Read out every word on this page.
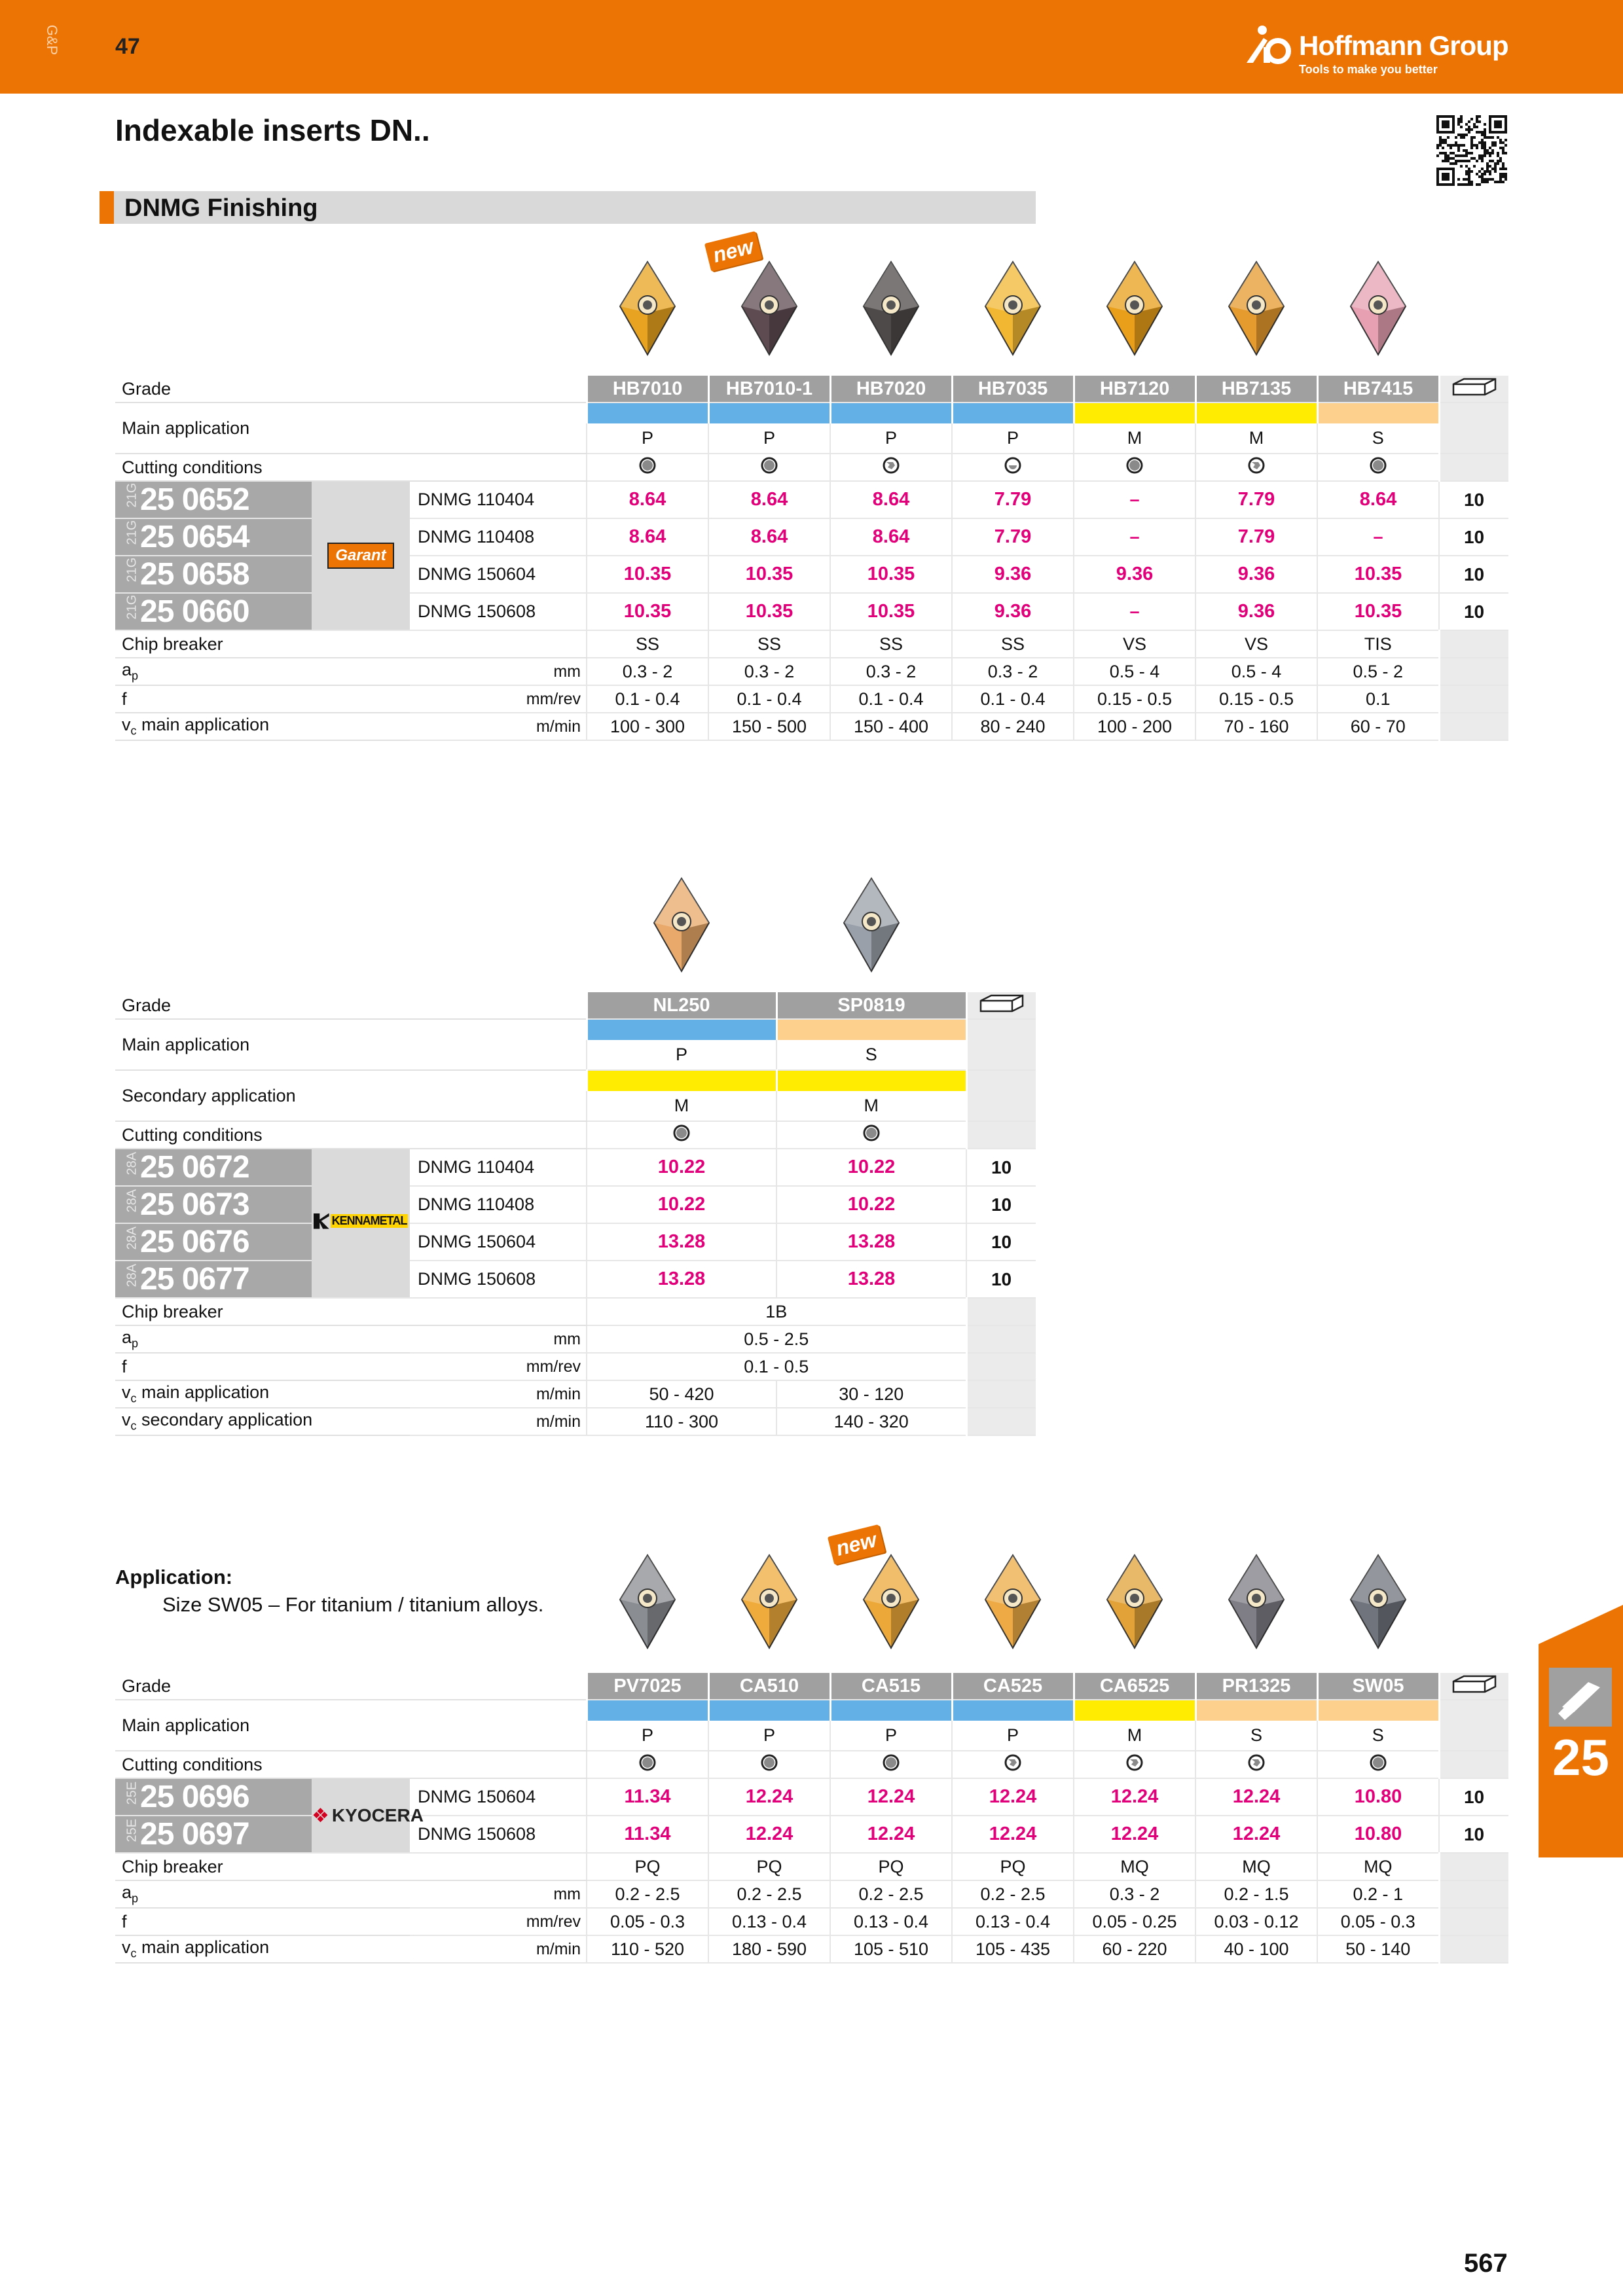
G&P 47	Hoffmann Group
Tools to make you better
Indexable inserts DN..
DNMG Finishing
new
Grade			HB7010	HB7010-1	HB7020	HB7035	HB7120	HB7135	HB7415	
Main application										
			P	P	P	P	M	M	S	
Cutting conditions								
21G25 0652	Garant	DNMG 110404	8.64	8.64	8.64	7.79	–	7.79	8.64	10
21G25 0654		DNMG 110408	8.64	8.64	8.64	7.79	–	7.79	–	10
21G25 0658		DNMG 150604	10.35	10.35	10.35	9.36	9.36	9.36	10.35	10
21G25 0660		DNMG 150608	10.35	10.35	10.35	9.36	–	9.36	10.35	10
Chip breaker			SS	SS	SS	SS	VS	VS	TIS	
$a_p$		mm	0.3 - 2	0.3 - 2	0.3 - 2	0.3 - 2	0.5 - 4	0.5 - 4	0.5 - 2	
f		mm/rev	0.1 - 0.4	0.1 - 0.4	0.1 - 0.4	0.1 - 0.4	0.15 - 0.5	0.15 - 0.5	0.1	
$v_c$ main application		m/min	100 - 300	150 - 500	150 - 400	80 - 240	100 - 200	70 - 160	60 - 70	
Grade			NL250	SP0819	
Main application					
			P	S	
Secondary application					
			M	M	
Cutting conditions			
28A25 0672	KENNAMETAL	DNMG 110404	10.22	10.22	10
28A25 0673		DNMG 110408	10.22	10.22	10
28A25 0676		DNMG 150604	13.28	13.28	10
28A25 0677		DNMG 150608	13.28	13.28	10
Chip breaker			1B		
$a_p$		mm	0.5 - 2.5		
f		mm/rev	0.1 - 0.5		
$v_c$ main application		m/min	50 - 420	30 - 120	
$v_c$ secondary application		m/min	110 - 300	140 - 320	
Application:
Size SW05 – For titanium / titanium alloys.
new
Grade			PV7025	CA510	CA515	CA525	CA6525	PR1325	SW05	
Main application										
			P	P	P	P	M	S	S	
Cutting conditions								
25E25 0696	❖ KYOCERA	DNMG 150604	11.34	12.24	12.24	12.24	12.24	12.24	10.80	10
25E25 0697		DNMG 150608	11.34	12.24	12.24	12.24	12.24	12.24	10.80	10
Chip breaker			PQ	PQ	PQ	PQ	MQ	MQ	MQ	
$a_p$		mm	0.2 - 2.5	0.2 - 2.5	0.2 - 2.5	0.2 - 2.5	0.3 - 2	0.2 - 1.5	0.2 - 1	
f		mm/rev	0.05 - 0.3	0.13 - 0.4	0.13 - 0.4	0.13 - 0.4	0.05 - 0.25	0.03 - 0.12	0.05 - 0.3	
$v_c$ main application		m/min	110 - 520	180 - 590	105 - 510	105 - 435	60 - 220	40 - 100	50 - 140	
25
567
